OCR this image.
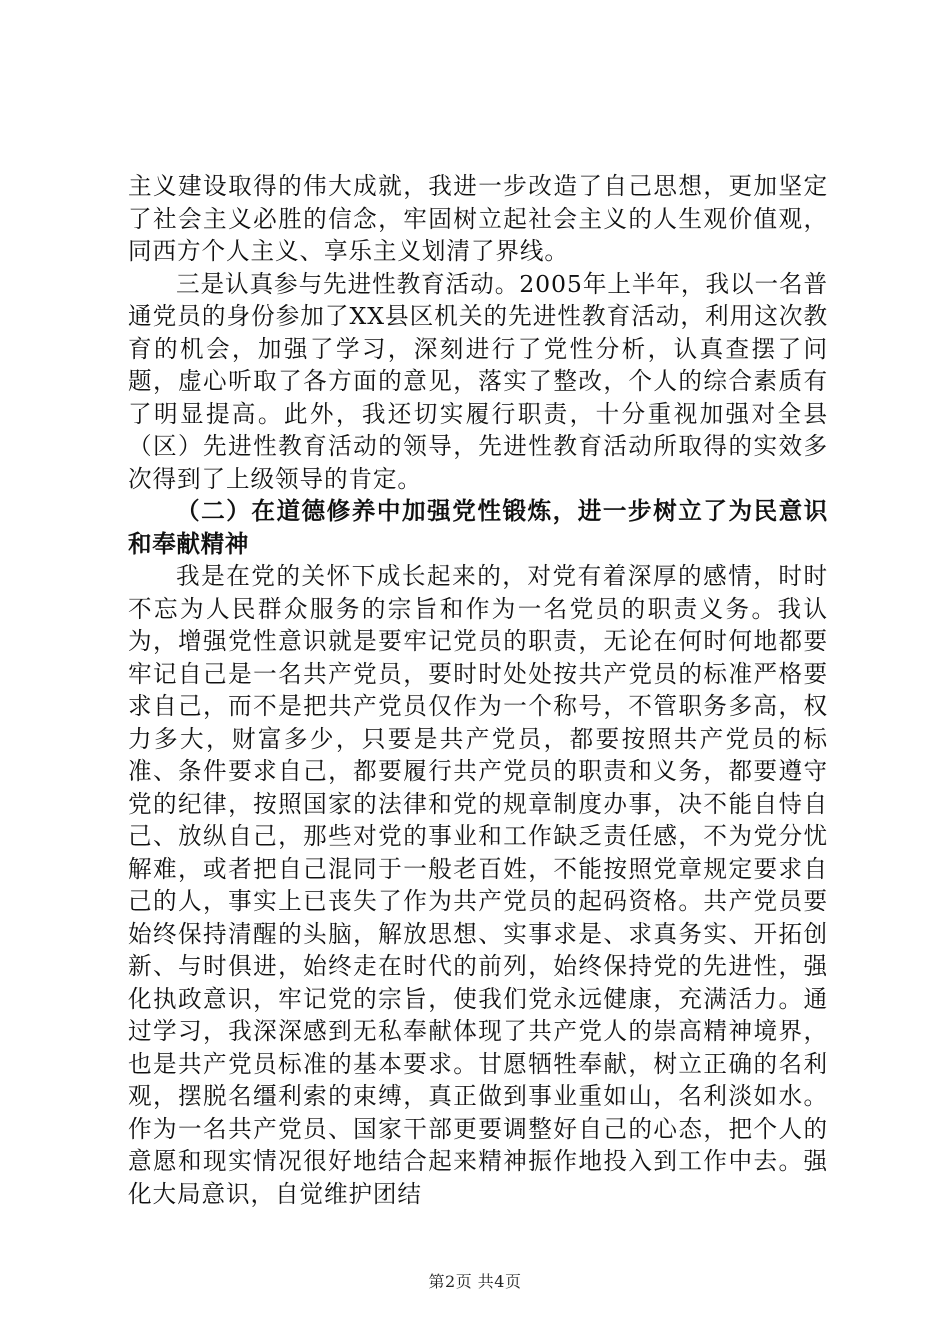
主义建设取得的伟大成就，我进一步改造了自己思想，更加坚定了社会主义必胜的信念，牢固树立起社会主义的人生观价值观，同西方个人主义、享乐主义划清了界线。

三是认真参与先进性教育活动。2005年上半年，我以一名普通党员的身份参加了XX县区机关的先进性教育活动，利用这次教育的机会，加强了学习，深刻进行了党性分析，认真查摆了问题，虚心听取了各方面的意见，落实了整改，个人的综合素质有了明显提高。此外，我还切实履行职责，十分重视加强对全县（区）先进性教育活动的领导，先进性教育活动所取得的实效多次得到了上级领导的肯定。

（二）在道德修养中加强党性锻炼，进一步树立了为民意识和奉献精神

我是在党的关怀下成长起来的，对党有着深厚的感情，时时不忘为人民群众服务的宗旨和作为一名党员的职责义务。我认为，增强党性意识就是要牢记党员的职责，无论在何时何地都要牢记自己是一名共产党员，要时时处处按共产党员的标准严格要求自己，而不是把共产党员仅作为一个称号，不管职务多高，权力多大，财富多少，只要是共产党员，都要按照共产党员的标准、条件要求自己，都要履行共产党员的职责和义务，都要遵守党的纪律，按照国家的法律和党的规章制度办事，决不能自恃自己、放纵自己，那些对党的事业和工作缺乏责任感，不为党分忧解难，或者把自己混同于一般老百姓，不能按照党章规定要求自己的人，事实上已丧失了作为共产党员的起码资格。共产党员要始终保持清醒的头脑，解放思想、实事求是、求真务实、开拓创新、与时俱进，始终走在时代的前列，始终保持党的先进性，强化执政意识，牢记党的宗旨，使我们党永远健康，充满活力。通过学习，我深深感到无私奉献体现了共产党人的崇高精神境界，也是共产党员标准的基本要求。甘愿牺牲奉献，树立正确的名利观，摆脱名缰利索的束缚，真正做到事业重如山，名利淡如水。作为一名共产党员、国家干部更要调整好自己的心态，把个人的意愿和现实情况很好地结合起来精神振作地投入到工作中去。强化大局意识，自觉维护团结

第2页 共4页
